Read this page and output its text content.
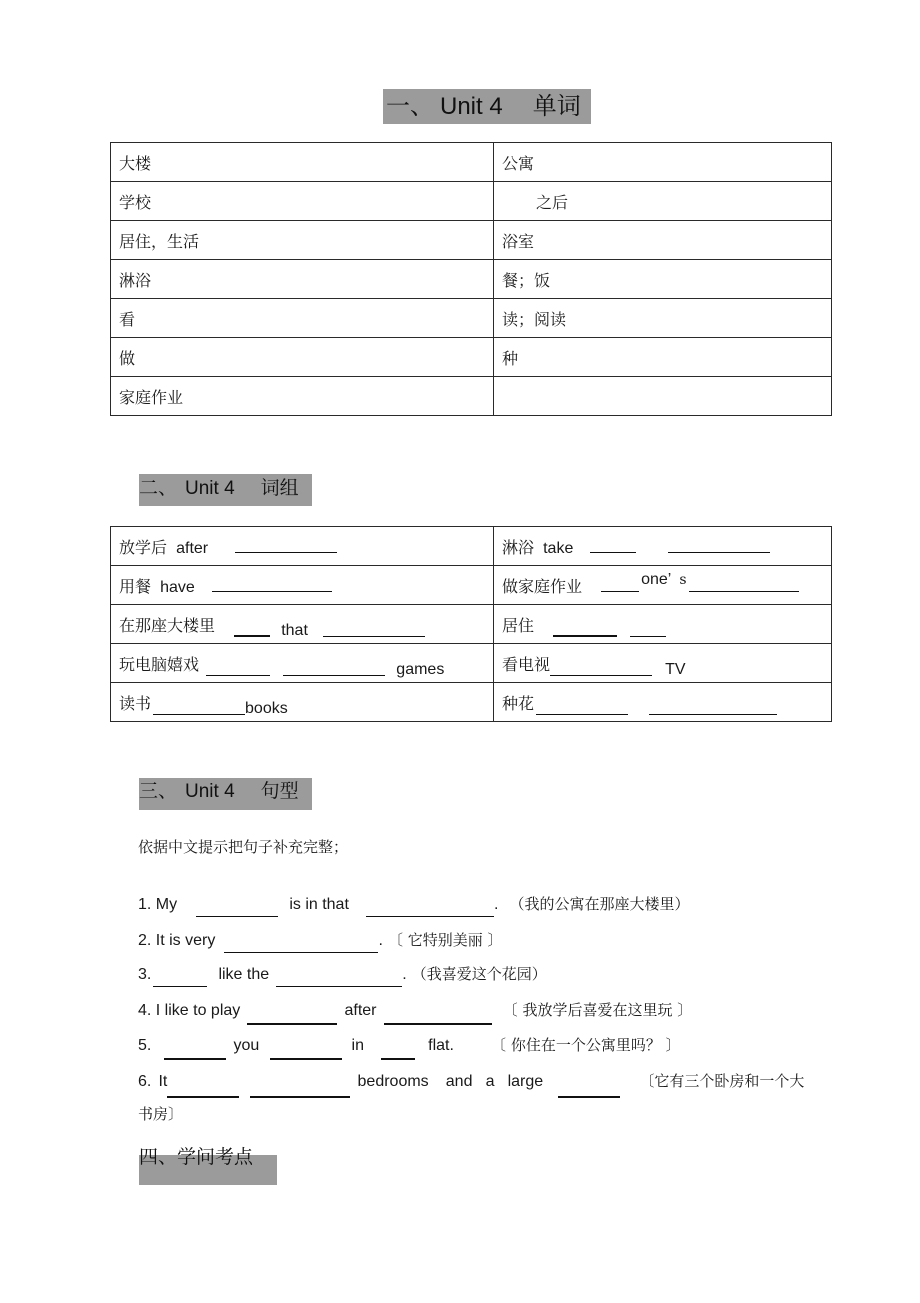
一、 Unit 4 单词
大楼	公寓
学校	之后
居住，生活	浴室
淋浴	餐；饭
看	读；阅读
做	种
家庭作业	
二、 Unit 4 词组
放学后 after	淋浴 take
用餐 have	做家庭作业 one’ s
在那座大楼里 that	居住
玩电脑嬉戏 games	看电视 TV
读书 books	种花
三、 Unit 4 句型
依据中文提示把句子补充完整；
1. My	is in that	. （我的公寓在那座大楼里）
2. It is very	. 〔 它特别美丽 〕
3.	like the	. （我喜爱这个花园）
4. I like to play	after	〔 我放学后喜爱在这里玩 〕
5.	you	in	flat. 〔 你住在一个公寓里吗？ 〕
6. It	bedrooms and a large	〔它有三个卧房和一个大
书房〕
四、学问考点
